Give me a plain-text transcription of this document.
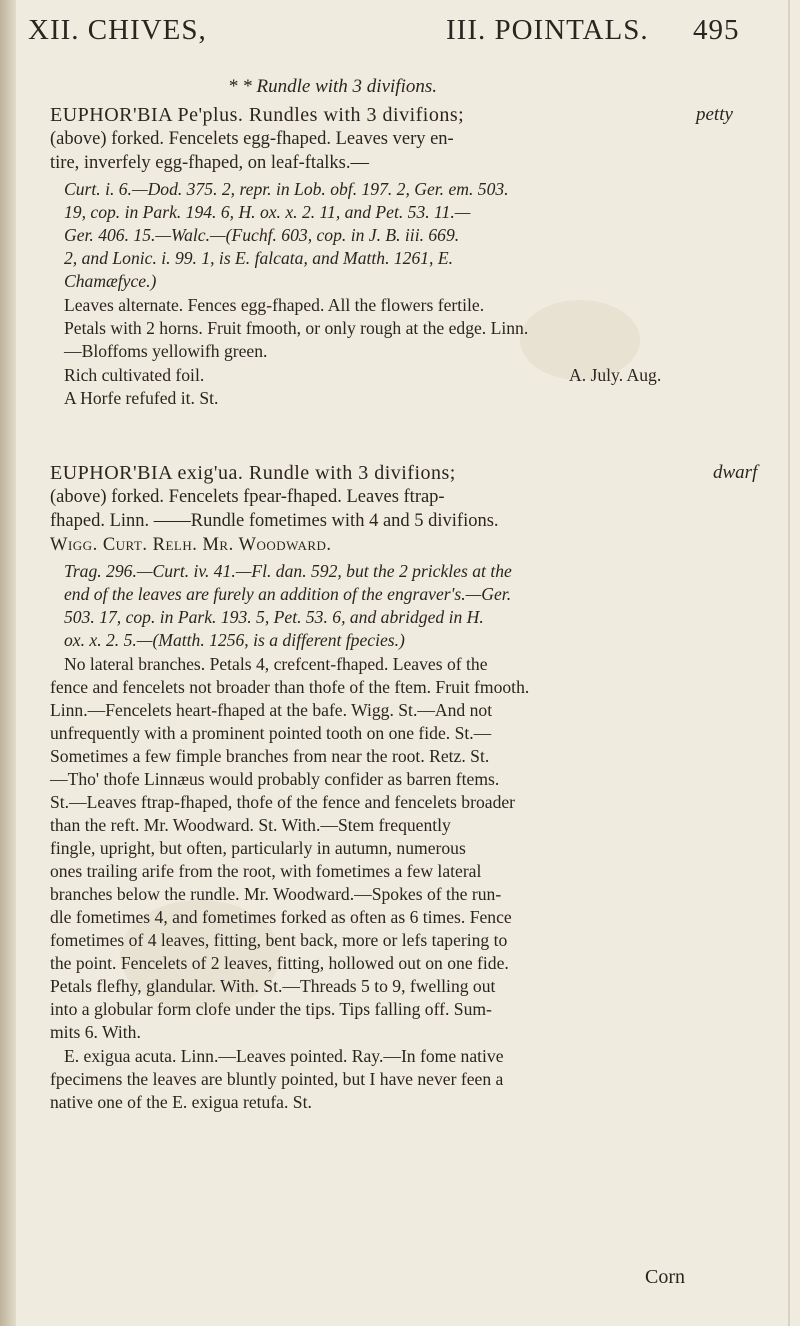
XII. CHIVES,	III. POINTALS. 495
* * Rundle with 3 divifions.
petty
dwarf
EUPHOR'BIA Pe'plus. Rundles with 3 divifions;
(above) forked. Fencelets egg-fhaped. Leaves very en-
tire, inverfely egg-fhaped, on leaf-ftalks.—
Curt. i. 6.—Dod. 375. 2, repr. in Lob. obf. 197. 2, Ger. em. 503.
19, cop. in Park. 194. 6, H. ox. x. 2. 11, and Pet. 53. 11.—
Ger. 406. 15.—Walc.—(Fuchf. 603, cop. in J. B. iii. 669.
2, and Lonic. i. 99. 1, is E. falcata, and Matth. 1261, E.
Chamæfyce.)
Leaves alternate. Fences egg-fhaped. All the flowers fertile.
Petals with 2 horns. Fruit fmooth, or only rough at the edge. Linn.
—Bloffoms yellowifh green.
Rich cultivated foil.	A. July. Aug.
A Horfe refufed it. St.
EUPHOR'BIA exig'ua. Rundle with 3 divifions;
(above) forked. Fencelets fpear-fhaped. Leaves ftrap-
fhaped. Linn. ——Rundle fometimes with 4 and 5 divifions.
Wigg. Curt. Relh. Mr. Woodward.
Trag. 296.—Curt. iv. 41.—Fl. dan. 592, but the 2 prickles at the
end of the leaves are furely an addition of the engraver's.—Ger.
503. 17, cop. in Park. 193. 5, Pet. 53. 6, and abridged in H.
ox. x. 2. 5.—(Matth. 1256, is a different fpecies.)
No lateral branches. Petals 4, crefcent-fhaped. Leaves of the
fence and fencelets not broader than thofe of the ftem. Fruit fmooth.
Linn.—Fencelets heart-fhaped at the bafe. Wigg. St.—And not
unfrequently with a prominent pointed tooth on one fide. St.—
Sometimes a few fimple branches from near the root. Retz. St.
—Tho' thofe Linnæus would probably confider as barren ftems.
St.—Leaves ftrap-fhaped, thofe of the fence and fencelets broader
than the reft. Mr. Woodward. St. With.—Stem frequently
fingle, upright, but often, particularly in autumn, numerous
ones trailing arife from the root, with fometimes a few lateral
branches below the rundle. Mr. Woodward.—Spokes of the run-
dle fometimes 4, and fometimes forked as often as 6 times. Fence
fometimes of 4 leaves, fitting, bent back, more or lefs tapering to
the point. Fencelets of 2 leaves, fitting, hollowed out on one fide.
Petals flefhy, glandular. With. St.—Threads 5 to 9, fwelling out
into a globular form clofe under the tips. Tips falling off. Sum-
mits 6. With.
E. exigua acuta. Linn.—Leaves pointed. Ray.—In fome native
fpecimens the leaves are bluntly pointed, but I have never feen a
native one of the E. exigua retufa. St.
Corn
